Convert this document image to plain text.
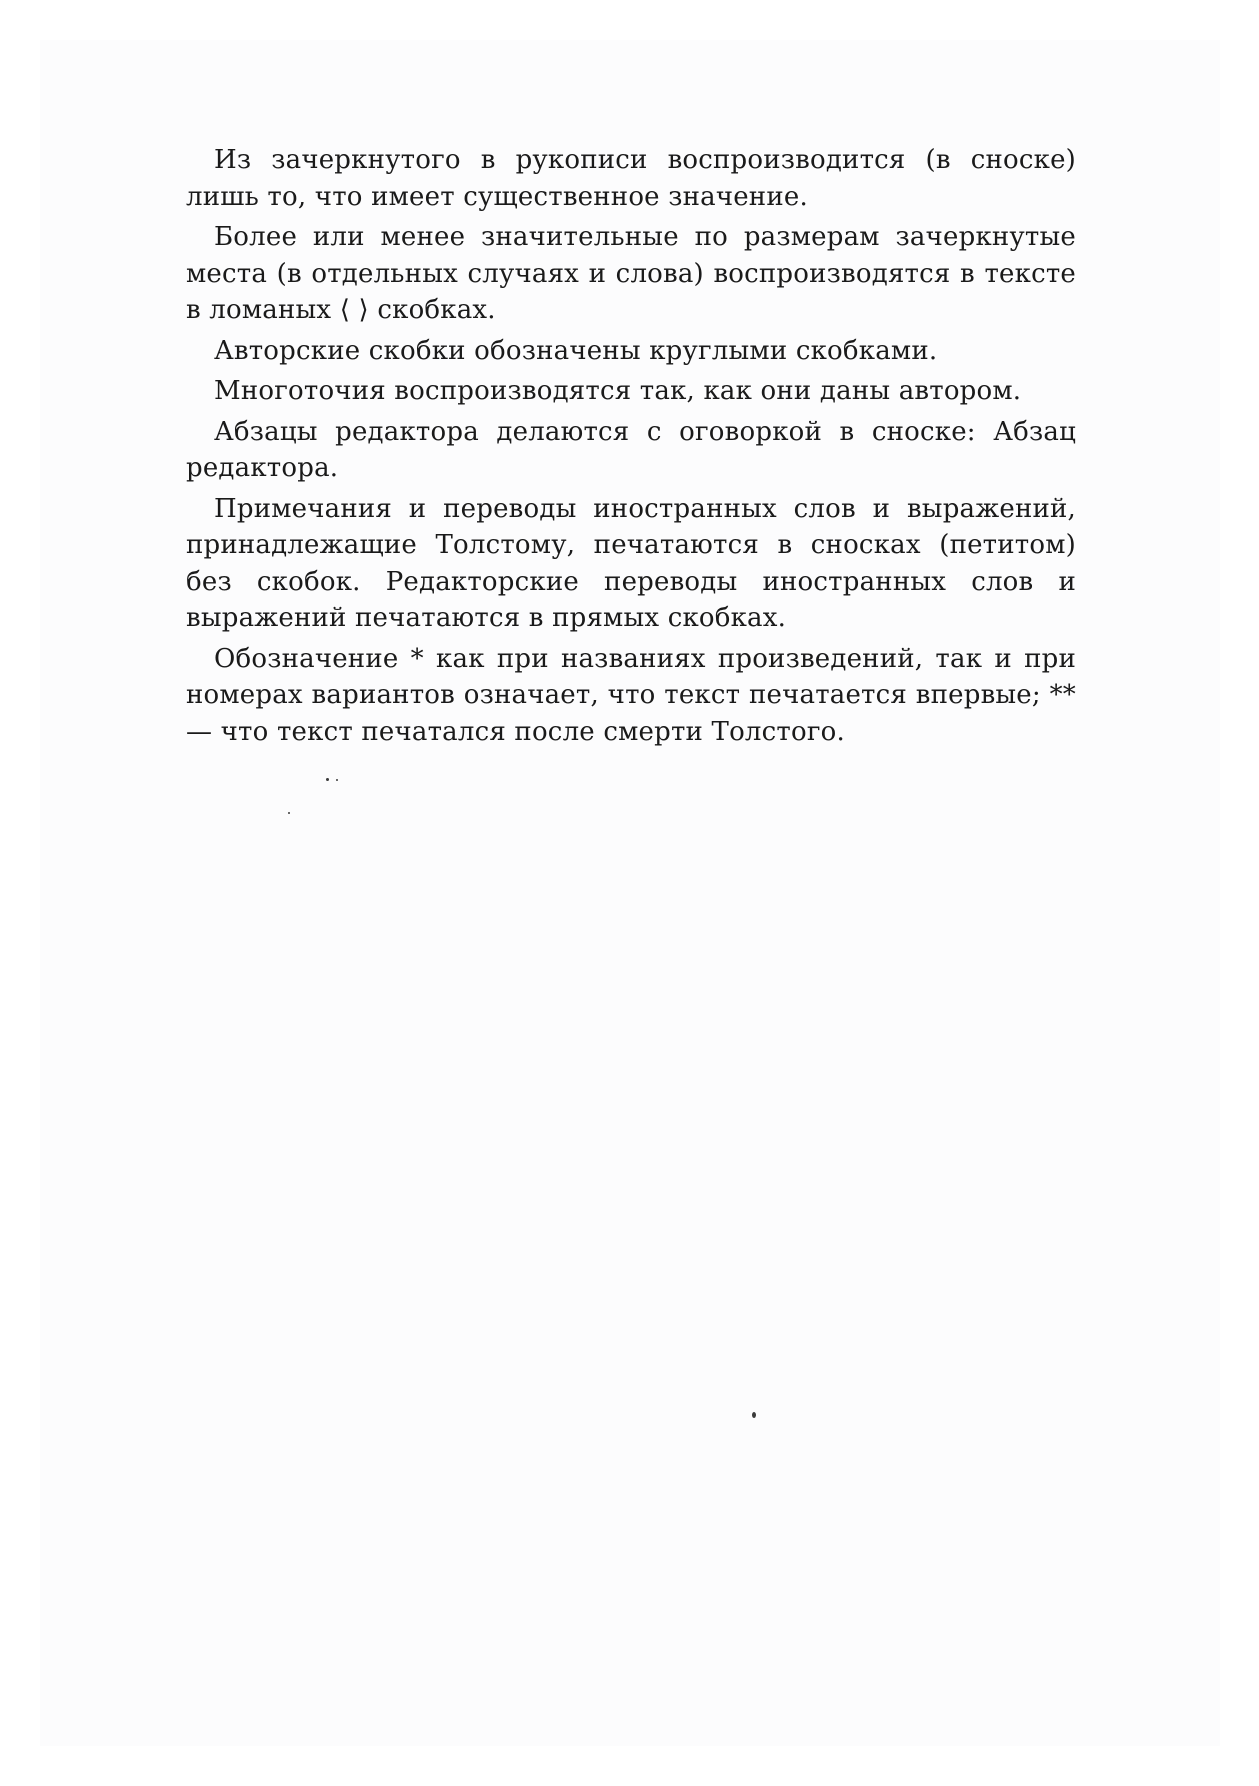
Из зачеркнутого в рукописи воспроизводится (в сноске) лишь то, что имеет существенное значение.

Более или менее значительные по размерам зачеркнутые места (в отдельных случаях и слова) воспроизводятся в тексте в ломаных ⟨ ⟩ скобках.

Авторские скобки обозначены круглыми скобками.

Многоточия воспроизводятся так, как они даны автором.

Абзацы редактора делаются с оговоркой в сноске: Абзац редактора.

Примечания и переводы иностранных слов и выражений, принадлежащие Толстому, печатаются в сносках (петитом) без скобок. Редакторские переводы иностранных слов и выражений печатаются в прямых скобках.

Обозначение * как при названиях произведений, так и при номерах вариантов означает, что текст печатается впервые; ** — что текст печатался после смерти Толстого.
